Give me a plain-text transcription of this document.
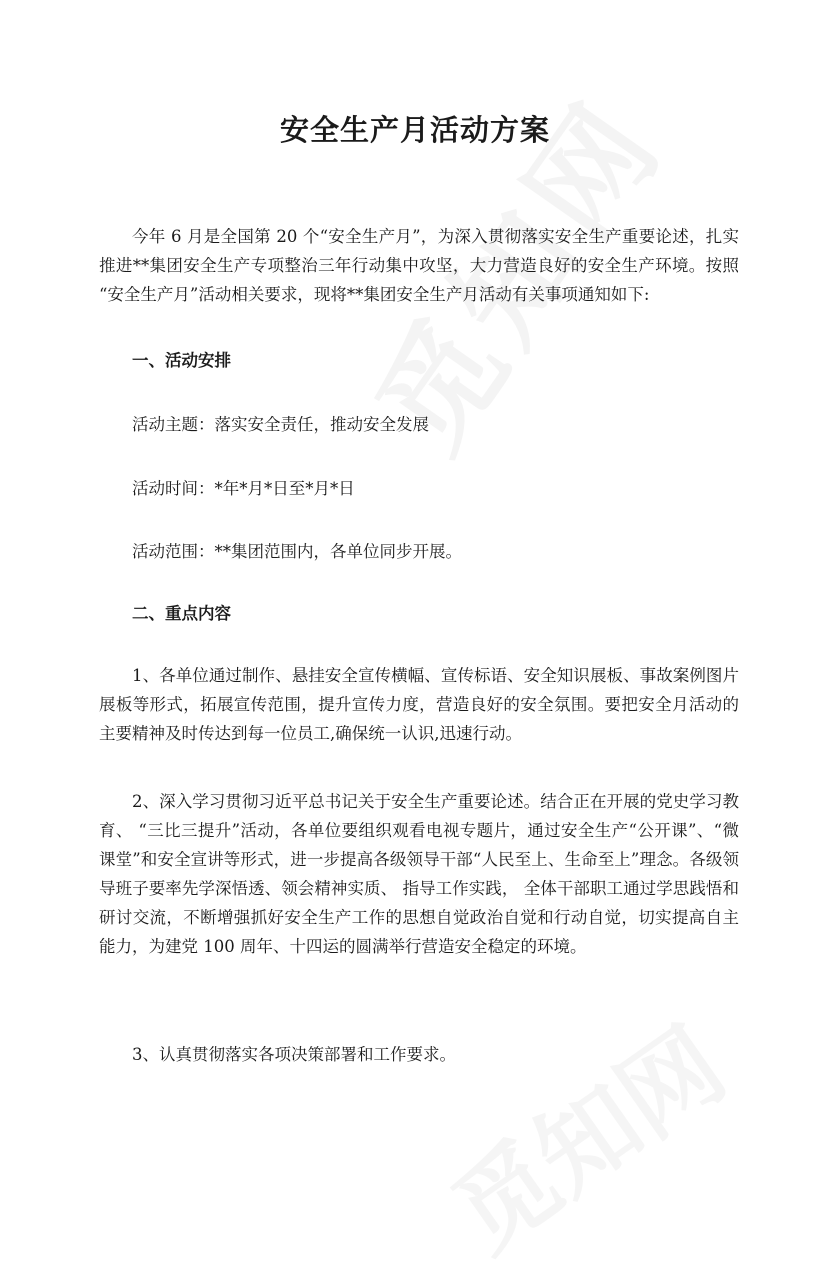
安全生产月活动方案
今年 6 月是全国第 20 个“安全生产月”，为深入贯彻落实安全生产重要论述，扎实推进**集团安全生产专项整治三年行动集中攻坚，大力营造良好的安全生产环境。按照 “安全生产月”活动相关要求，现将**集团安全生产月活动有关事项通知如下:
一、活动安排
活动主题：落实安全责任，推动安全发展
活动时间：*年*月*日至*月*日
活动范围：**集团范围内，各单位同步开展。
二、重点内容
1、各单位通过制作、悬挂安全宣传横幅、宣传标语、安全知识展板、事故案例图片展板等形式，拓展宣传范围，提升宣传力度，营造良好的安全氛围。要把安全月活动的主要精神及时传达到每一位员工,确保统一认识,迅速行动。
2、深入学习贯彻习近平总书记关于安全生产重要论述。结合正在开展的党史学习教育、 “三比三提升”活动，各单位要组织观看电视专题片，通过安全生产“公开课”、“微课堂”和安全宣讲等形式，进一步提高各级领导干部“人民至上、生命至上”理念。各级领导班子要率先学深悟透、领会精神实质、 指导工作实践， 全体干部职工通过学思践悟和研讨交流，不断增强抓好安全生产工作的思想自觉政治自觉和行动自觉，切实提高自主能力，为建党 100 周年、十四运的圆满举行营造安全稳定的环境。
3、认真贯彻落实各项决策部署和工作要求。
